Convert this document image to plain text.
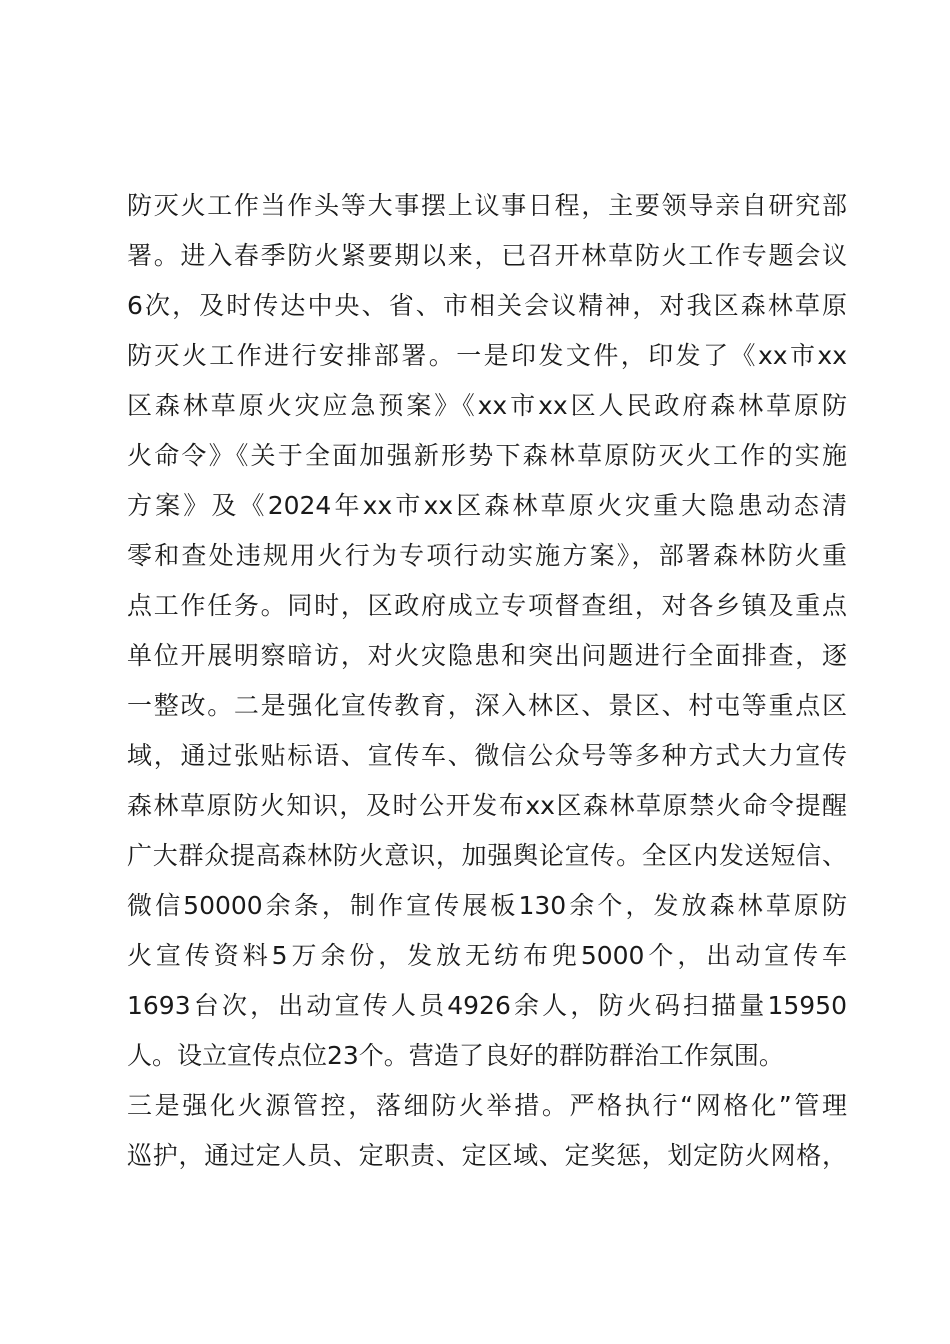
防灭火工作当作头等大事摆上议事日程，主要领导亲自研究部
署。进入春季防火紧要期以来，已召开林草防火工作专题会议
6次，及时传达中央、省、市相关会议精神，对我区森林草原
防灭火工作进行安排部署。一是印发文件，印发了《xx市xx
区森林草原火灾应急预案》《xx市xx区人民政府森林草原防
火命令》《关于全面加强新形势下森林草原防灭火工作的实施
方案》及《2024年xx市xx区森林草原火灾重大隐患动态清
零和查处违规用火行为专项行动实施方案》，部署森林防火重
点工作任务。同时，区政府成立专项督查组，对各乡镇及重点
单位开展明察暗访，对火灾隐患和突出问题进行全面排查，逐
一整改。二是强化宣传教育，深入林区、景区、村屯等重点区
域，通过张贴标语、宣传车、微信公众号等多种方式大力宣传
森林草原防火知识，及时公开发布xx区森林草原禁火命令提醒
广大群众提高森林防火意识，加强舆论宣传。全区内发送短信、
微信50000余条，制作宣传展板130余个，发放森林草原防
火宣传资料5万余份，发放无纺布兜5000个，出动宣传车
1693台次，出动宣传人员4926余人，防火码扫描量15950
人。设立宣传点位23个。营造了良好的群防群治工作氛围。
三是强化火源管控，落细防火举措。严格执行“网格化”管理
巡护，通过定人员、定职责、定区域、定奖惩，划定防火网格，
